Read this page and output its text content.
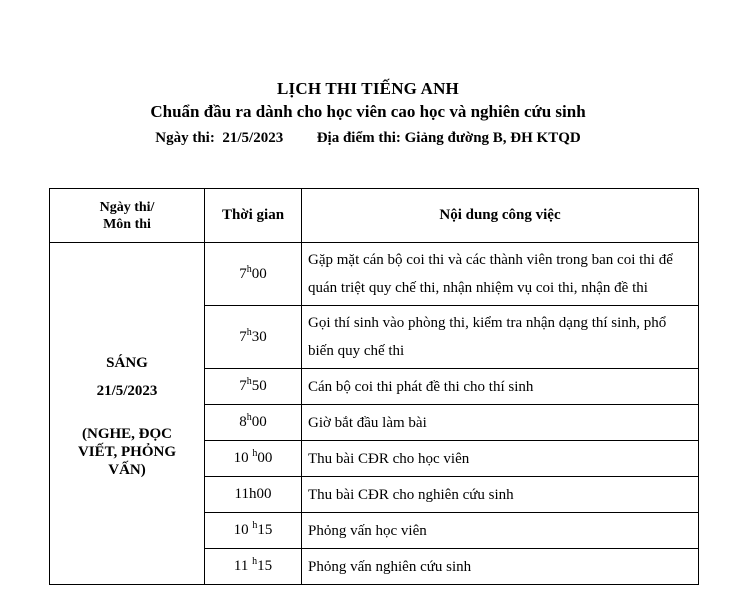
LỊCH THI TIẾNG ANH
Chuẩn đầu ra dành cho học viên cao học và nghiên cứu sinh
Ngày thi: 21/5/2023 Địa điểm thi: Giảng đường B, ĐH KTQD
Ngày thi/
Môn thi	Thời gian	Nội dung công việc

SÁNG
21/5/2023
(NGHE, ĐỌC
VIẾT, PHỎNG
VẤN)	7$^h$00	Gặp mặt cán bộ coi thi và các thành viên trong ban coi thi để quán triệt quy chế thi, nhận nhiệm vụ coi thi, nhận đề thi
	7$^h$30	Gọi thí sinh vào phòng thi, kiểm tra nhận dạng thí sinh, phổ biến quy chế thi
	7$^h$50	Cán bộ coi thi phát đề thi cho thí sinh
	8$^h$00	Giờ bắt đầu làm bài
	10 $^h$00	Thu bài CĐR cho học viên
	11h00	Thu bài CĐR cho nghiên cứu sinh
	10 $^h$15	Phỏng vấn học viên
	11 $^h$15	Phỏng vấn nghiên cứu sinh
